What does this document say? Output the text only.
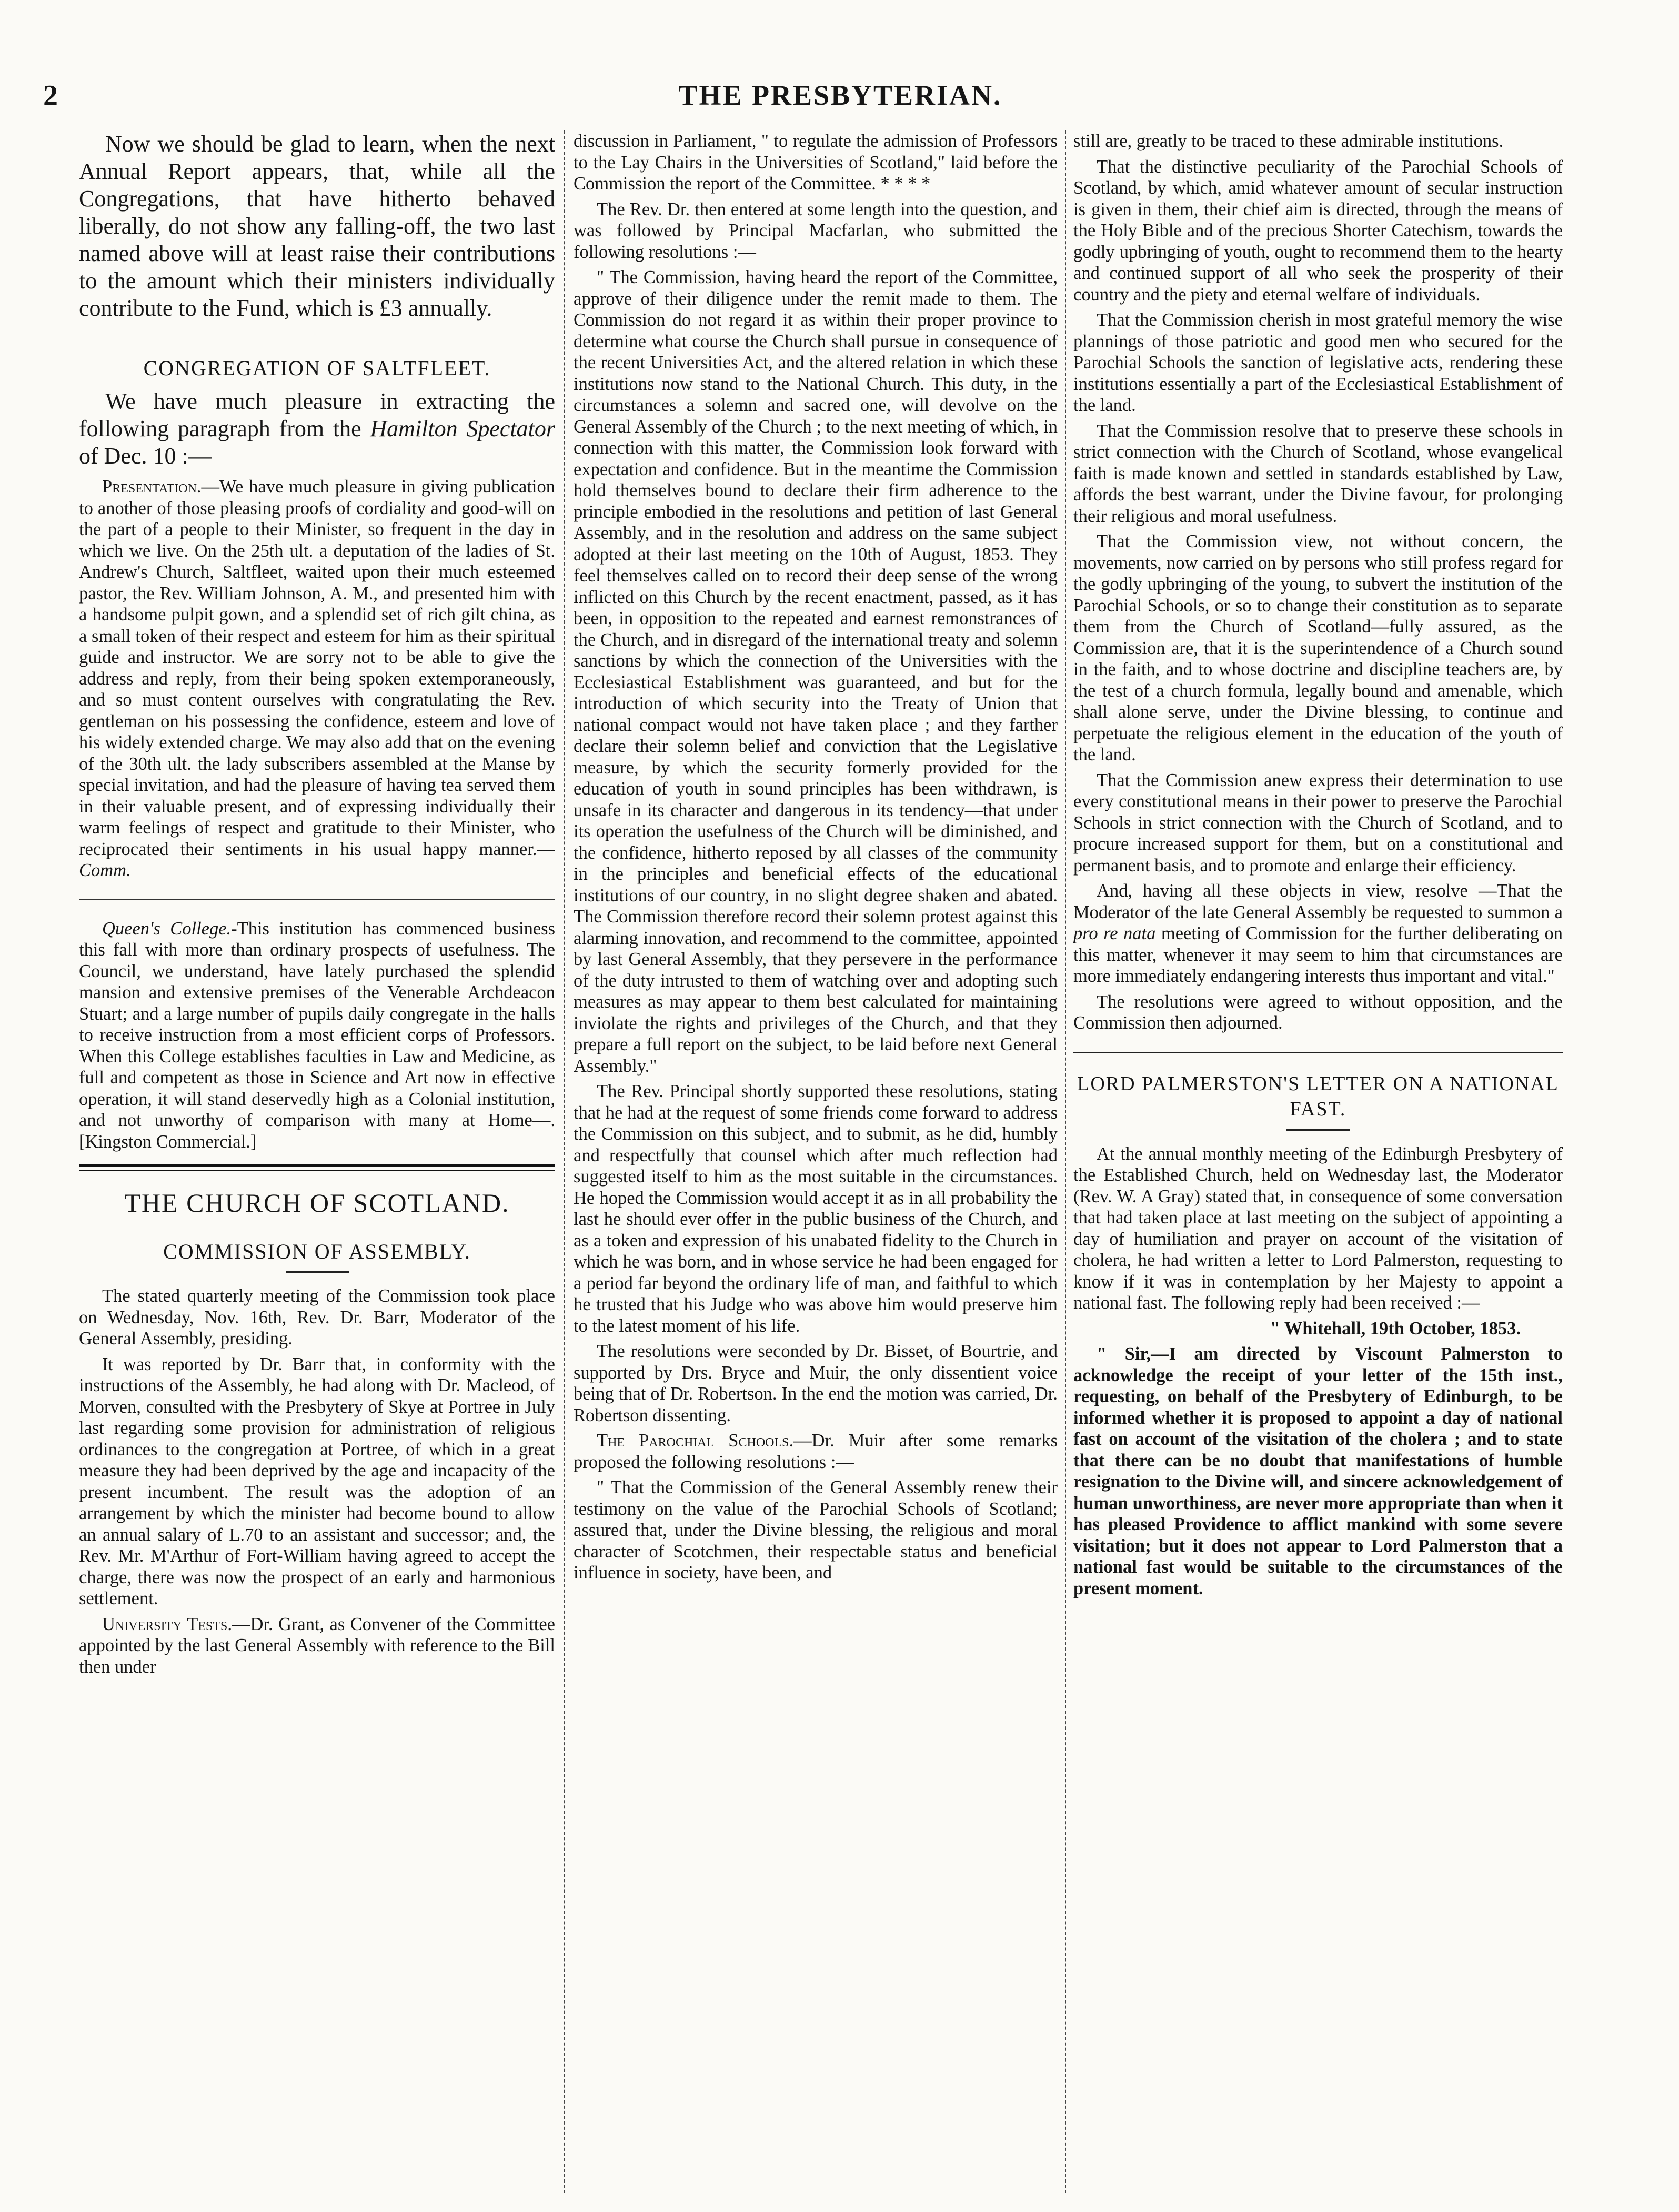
2	THE PRESBYTERIAN.

Now we should be glad to learn, when the next Annual Report appears, that, while all the Congregations, that have hitherto behaved liberally, do not show any falling-off, the two last named above will at least raise their contributions to the amount which their ministers individually contribute to the Fund, which is £3 annually.

CONGREGATION OF SALTFLEET.

We have much pleasure in extracting the following paragraph from the Hamilton Spectator of Dec. 10 :—

Presentation.—We have much pleasure in giving publication to another of those pleasing proofs of cordiality and good-will on the part of a people to their Minister, so frequent in the day in which we live. On the 25th ult. a deputation of the ladies of St. Andrew's Church, Saltfleet, waited upon their much esteemed pastor, the Rev. William Johnson, A. M., and presented him with a handsome pulpit gown, and a splendid set of rich gilt china, as a small token of their respect and esteem for him as their spiritual guide and instructor. We are sorry not to be able to give the address and reply, from their being spoken extemporaneously, and so must content ourselves with congratulating the Rev. gentleman on his possessing the confidence, esteem and love of his widely extended charge. We may also add that on the evening of the 30th ult. the lady subscribers assembled at the Manse by special invitation, and had the pleasure of having tea served them in their valuable present, and of expressing individually their warm feelings of respect and gratitude to their Minister, who reciprocated their sentiments in his usual happy manner.—Comm.

Queen's College.-This institution has commenced business this fall with more than ordinary prospects of usefulness. The Council, we understand, have lately purchased the splendid mansion and extensive premises of the Venerable Archdeacon Stuart; and a large number of pupils daily congregate in the halls to receive instruction from a most efficient corps of Professors. When this College establishes faculties in Law and Medicine, as full and competent as those in Science and Art now in effective operation, it will stand deservedly high as a Colonial institution, and not unworthy of comparison with many at Home—.[Kingston Commercial.]

THE CHURCH OF SCOTLAND.
COMMISSION OF ASSEMBLY.

The stated quarterly meeting of the Commission took place on Wednesday, Nov. 16th, Rev. Dr. Barr, Moderator of the General Assembly, presiding.

It was reported by Dr. Barr that, in conformity with the instructions of the Assembly, he had along with Dr. Macleod, of Morven, consulted with the Presbytery of Skye at Portree in July last regarding some provision for administration of religious ordinances to the congregation at Portree, of which in a great measure they had been deprived by the age and incapacity of the present incumbent. The result was the adoption of an arrangement by which the minister had become bound to allow an annual salary of L.70 to an assistant and successor; and, the Rev. Mr. M'Arthur of Fort-William having agreed to accept the charge, there was now the prospect of an early and harmonious settlement.

University Tests.—Dr. Grant, as Convener of the Committee appointed by the last General Assembly with reference to the Bill then under

discussion in Parliament, " to regulate the admission of Professors to the Lay Chairs in the Universities of Scotland," laid before the Commission the report of the Committee. * * * *

The Rev. Dr. then entered at some length into the question, and was followed by Principal Macfarlan, who submitted the following resolutions :—

" The Commission, having heard the report of the Committee, approve of their diligence under the remit made to them. The Commission do not regard it as within their proper province to determine what course the Church shall pursue in consequence of the recent Universities Act, and the altered relation in which these institutions now stand to the National Church. This duty, in the circumstances a solemn and sacred one, will devolve on the General Assembly of the Church ; to the next meeting of which, in connection with this matter, the Commission look forward with expectation and confidence. But in the meantime the Commission hold themselves bound to declare their firm adherence to the principle embodied in the resolutions and petition of last General Assembly, and in the resolution and address on the same subject adopted at their last meeting on the 10th of August, 1853. They feel themselves called on to record their deep sense of the wrong inflicted on this Church by the recent enactment, passed, as it has been, in opposition to the repeated and earnest remonstrances of the Church, and in disregard of the international treaty and solemn sanctions by which the connection of the Universities with the Ecclesiastical Establishment was guaranteed, and but for the introduction of which security into the Treaty of Union that national compact would not have taken place ; and they farther declare their solemn belief and conviction that the Legislative measure, by which the security formerly provided for the education of youth in sound principles has been withdrawn, is unsafe in its character and dangerous in its tendency—that under its operation the usefulness of the Church will be diminished, and the confidence, hitherto reposed by all classes of the community in the principles and beneficial effects of the educational institutions of our country, in no slight degree shaken and abated. The Commission therefore record their solemn protest against this alarming innovation, and recommend to the committee, appointed by last General Assembly, that they persevere in the performance of the duty intrusted to them of watching over and adopting such measures as may appear to them best calculated for maintaining inviolate the rights and privileges of the Church, and that they prepare a full report on the subject, to be laid before next General Assembly."

The Rev. Principal shortly supported these resolutions, stating that he had at the request of some friends come forward to address the Commission on this subject, and to submit, as he did, humbly and respectfully that counsel which after much reflection had suggested itself to him as the most suitable in the circumstances. He hoped the Commission would accept it as in all probability the last he should ever offer in the public business of the Church, and as a token and expression of his unabated fidelity to the Church in which he was born, and in whose service he had been engaged for a period far beyond the ordinary life of man, and faithful to which he trusted that his Judge who was above him would preserve him to the latest moment of his life.

The resolutions were seconded by Dr. Bisset, of Bourtrie, and supported by Drs. Bryce and Muir, the only dissentient voice being that of Dr. Robertson. In the end the motion was carried, Dr. Robertson dissenting.

The Parochial Schools.—Dr. Muir after some remarks proposed the following resolutions :—

" That the Commission of the General Assembly renew their testimony on the value of the Parochial Schools of Scotland; assured that, under the Divine blessing, the religious and moral character of Scotchmen, their respectable status and beneficial influence in society, have been, and

still are, greatly to be traced to these admirable institutions.

That the distinctive peculiarity of the Parochial Schools of Scotland, by which, amid whatever amount of secular instruction is given in them, their chief aim is directed, through the means of the Holy Bible and of the precious Shorter Catechism, towards the godly upbringing of youth, ought to recommend them to the hearty and continued support of all who seek the prosperity of their country and the piety and eternal welfare of individuals.

That the Commission cherish in most grateful memory the wise plannings of those patriotic and good men who secured for the Parochial Schools the sanction of legislative acts, rendering these institutions essentially a part of the Ecclesiastical Establishment of the land.

That the Commission resolve that to preserve these schools in strict connection with the Church of Scotland, whose evangelical faith is made known and settled in standards established by Law, affords the best warrant, under the Divine favour, for prolonging their religious and moral usefulness.

That the Commission view, not without concern, the movements, now carried on by persons who still profess regard for the godly upbringing of the young, to subvert the institution of the Parochial Schools, or so to change their constitution as to separate them from the Church of Scotland—fully assured, as the Commission are, that it is the superintendence of a Church sound in the faith, and to whose doctrine and discipline teachers are, by the test of a church formula, legally bound and amenable, which shall alone serve, under the Divine blessing, to continue and perpetuate the religious element in the education of the youth of the land.

That the Commission anew express their determination to use every constitutional means in their power to preserve the Parochial Schools in strict connection with the Church of Scotland, and to procure increased support for them, but on a constitutional and permanent basis, and to promote and enlarge their efficiency.

And, having all these objects in view, resolve —That the Moderator of the late General Assembly be requested to summon a pro re nata meeting of Commission for the further deliberating on this matter, whenever it may seem to him that circumstances are more immediately endangering interests thus important and vital."

The resolutions were agreed to without opposition, and the Commission then adjourned.

LORD PALMERSTON'S LETTER ON A NATIONAL FAST.

At the annual monthly meeting of the Edinburgh Presbytery of the Established Church, held on Wednesday last, the Moderator (Rev. W. A Gray) stated that, in consequence of some conversation that had taken place at last meeting on the subject of appointing a day of humiliation and prayer on account of the visitation of cholera, he had written a letter to Lord Palmerston, requesting to know if it was in contemplation by her Majesty to appoint a national fast. The following reply had been received :—

" Whitehall, 19th October, 1853.

" Sir,—I am directed by Viscount Palmerston to acknowledge the receipt of your letter of the 15th inst., requesting, on behalf of the Presbytery of Edinburgh, to be informed whether it is proposed to appoint a day of national fast on account of the visitation of the cholera ; and to state that there can be no doubt that manifestations of humble resignation to the Divine will, and sincere acknowledgement of human unworthiness, are never more appropriate than when it has pleased Providence to afflict mankind with some severe visitation; but it does not appear to Lord Palmerston that a national fast would be suitable to the circumstances of the present moment.
